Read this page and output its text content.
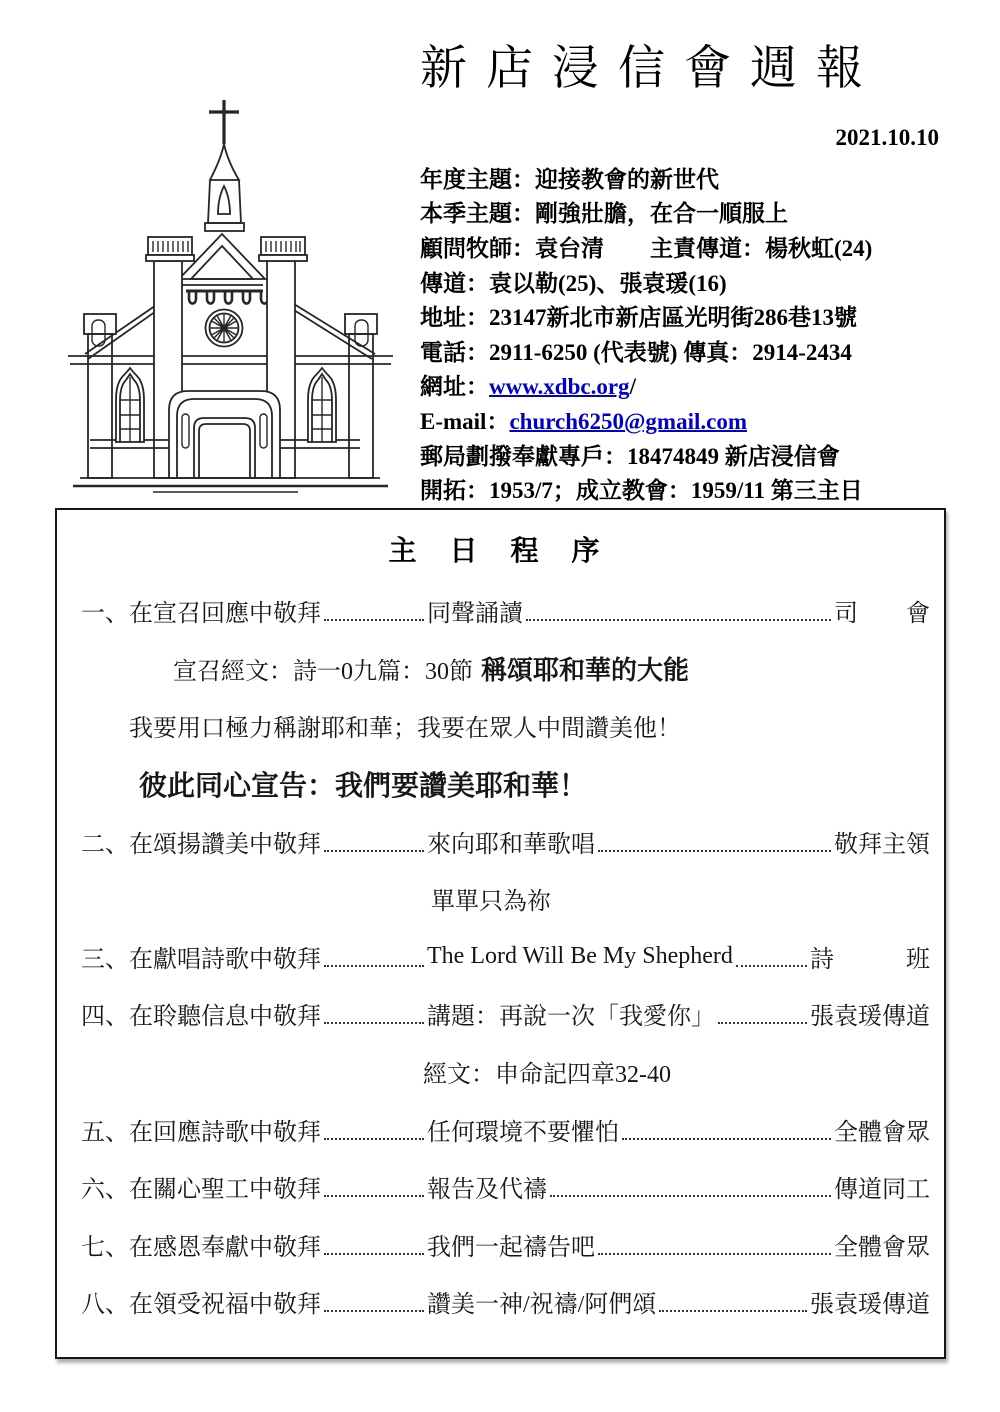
新店浸信會週報
2021.10.10
年度主題：迎接教會的新世代
本季主題：剛強壯膽，在合一順服上
顧問牧師：袁台清　　主責傳道：楊秋虹(24)
傳道：袁以勒(25)、張袁瑗(16)
地址：23147新北市新店區光明街286巷13號
電話：2911-6250 (代表號) 傳真：2914-2434
網址：www.xdbc.org/
E-mail：church6250@gmail.com
郵局劃撥奉獻專戶：18474849 新店浸信會
開拓：1953/7；成立教會：1959/11 第三主日
主 日 程 序
一、在宣召回應中敬拜	同聲誦讀	司　　會
宣召經文：詩一0九篇：30節 稱頌耶和華的大能
我要用口極力稱謝耶和華；我要在眾人中間讚美他！
彼此同心宣告：我們要讚美耶和華！
二、在頌揚讚美中敬拜	來向耶和華歌唱	敬拜主領
單單只為祢
三、在獻唱詩歌中敬拜	The Lord Will Be My Shepherd	詩　　　班
四、在聆聽信息中敬拜	講題：再說一次「我愛你」	張袁瑗傳道
經文：申命記四章32-40
五、在回應詩歌中敬拜	任何環境不要懼怕	全體會眾
六、在關心聖工中敬拜	報告及代禱	傳道同工
七、在感恩奉獻中敬拜	我們一起禱告吧	全體會眾
八、在領受祝福中敬拜	讚美一神/祝禱/阿們頌	張袁瑗傳道
